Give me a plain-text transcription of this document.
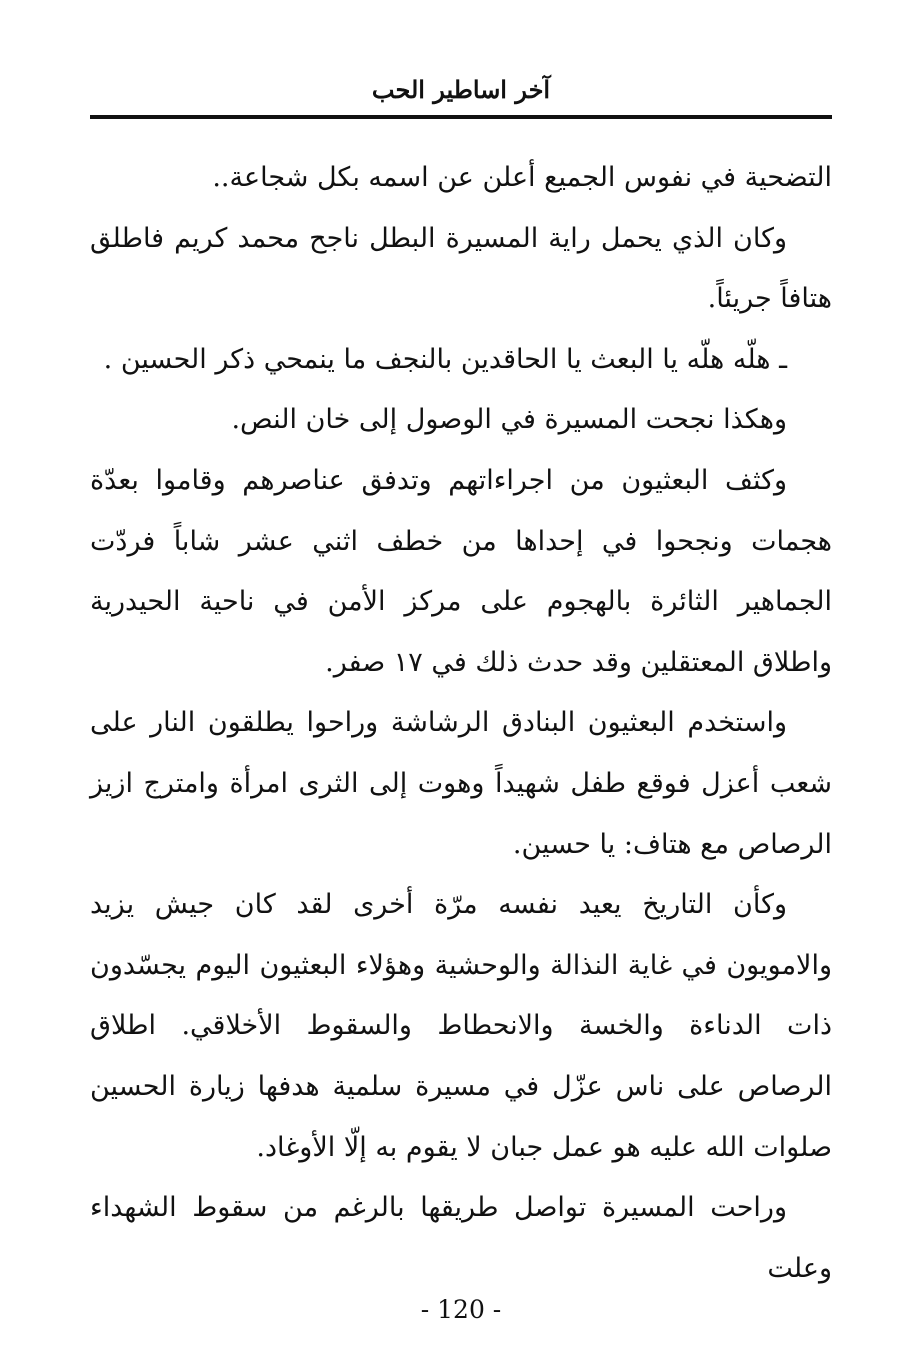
آخر اساطير الحب

التضحية في نفوس الجميع أعلن عن اسمه بكل شجاعة..

وكان الذي يحمل راية المسيرة البطل ناجح محمد كريم فاطلق هتافاً جريئاً.

ـ هلّه هلّه يا البعث يا الحاقدين بالنجف ما ينمحي ذكر الحسين .

وهكذا نجحت المسيرة في الوصول إلى خان النص.

وكثف البعثيون من اجراءاتهم وتدفق عناصرهم وقاموا بعدّة هجمات ونجحوا في إحداها من خطف اثني عشر شاباً فردّت الجماهير الثائرة بالهجوم على مركز الأمن في ناحية الحيدرية واطلاق المعتقلين وقد حدث ذلك في ١٧ صفر.

واستخدم البعثيون البنادق الرشاشة وراحوا يطلقون النار على شعب أعزل فوقع طفل شهيداً وهوت إلى الثرى امرأة وامترج ازيز الرصاص مع هتاف: يا حسين.

وكأن التاريخ يعيد نفسه مرّة أخرى لقد كان جيش يزيد والامويون في غاية النذالة والوحشية وهؤلاء البعثيون اليوم يجسّدون ذات الدناءة والخسة والانحطاط والسقوط الأخلاقي. اطلاق الرصاص على ناس عزّل في مسيرة سلمية هدفها زيارة الحسين صلوات الله عليه هو عمل جبان لا يقوم به إلّا الأوغاد.

وراحت المسيرة تواصل طريقها بالرغم من سقوط الشهداء وعلت

- 120 -
